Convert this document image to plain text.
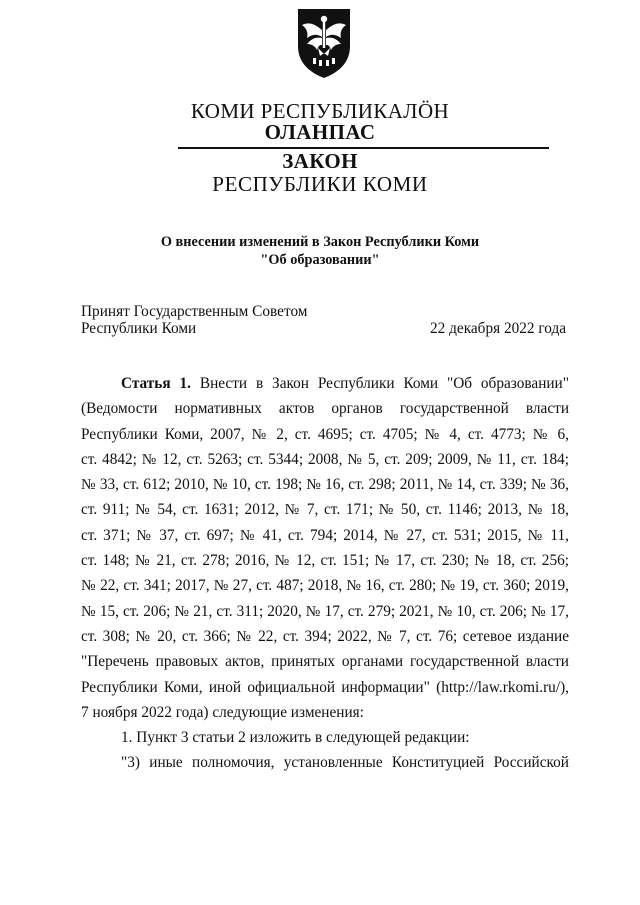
КОМИ РЕСПУБЛИКАЛÖН
ОЛАНПАС
ЗАКОН
РЕСПУБЛИКИ КОМИ
О внесении изменений в Закон Республики Коми
"Об образовании"
Принят Государственным Советом
Республики Коми	22 декабря 2022 года
Статья 1. Внести в Закон Республики Коми "Об образовании"
(Ведомости нормативных актов органов государственной власти
Республики Коми, 2007, № 2, ст. 4695; ст. 4705; № 4, ст. 4773; № 6,
ст. 4842; № 12, ст. 5263; ст. 5344; 2008, № 5, ст. 209; 2009, № 11, ст. 184;
№ 33, ст. 612; 2010, № 10, ст. 198; № 16, ст. 298; 2011, № 14, ст. 339; № 36,
ст. 911; № 54, ст. 1631; 2012, № 7, ст. 171; № 50, ст. 1146; 2013, № 18,
ст. 371; № 37, ст. 697; № 41, ст. 794; 2014, № 27, ст. 531; 2015, № 11,
ст. 148; № 21, ст. 278; 2016, № 12, ст. 151; № 17, ст. 230; № 18, ст. 256;
№ 22, ст. 341; 2017, № 27, ст. 487; 2018, № 16, ст. 280; № 19, ст. 360; 2019,
№ 15, ст. 206; № 21, ст. 311; 2020, № 17, ст. 279; 2021, № 10, ст. 206; № 17,
ст. 308; № 20, ст. 366; № 22, ст. 394; 2022, № 7, ст. 76; сетевое издание
"Перечень правовых актов, принятых органами государственной власти
Республики Коми, иной официальной информации" (http://law.rkomi.ru/),
7 ноября 2022 года) следующие изменения:
1. Пункт 3 статьи 2 изложить в следующей редакции:
"3) иные полномочия, установленные Конституцией Российской
